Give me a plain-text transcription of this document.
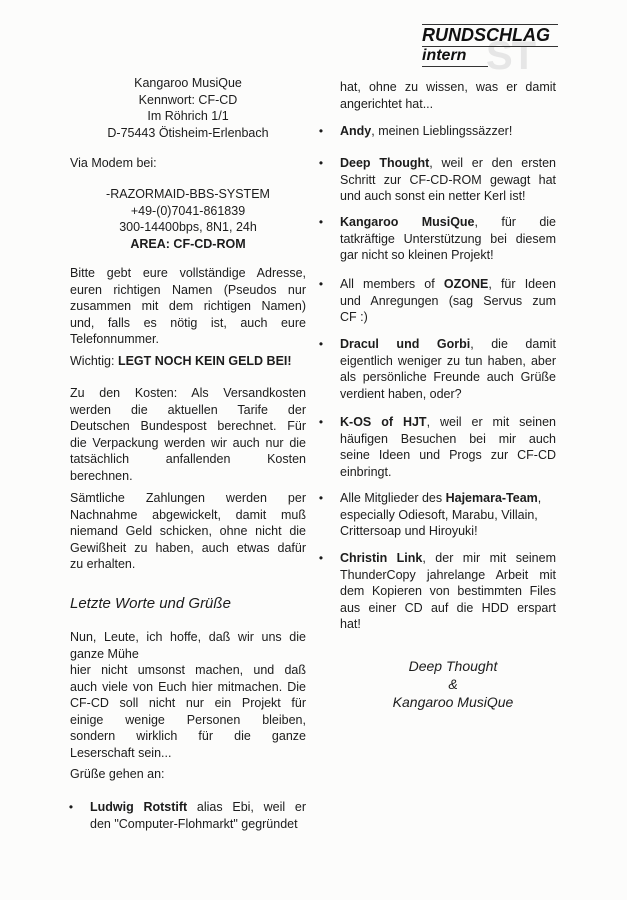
ST
RUNDSCHLAG
intern
Kangaroo MusiQue
Kennwort: CF-CD
Im Röhrich 1/1
D-75443 Ötisheim-Erlenbach
Via Modem bei:
-RAZORMAID-BBS-SYSTEM
+49-(0)7041-861839
300-14400bps, 8N1, 24h
AREA: CF-CD-ROM
Bitte gebt eure vollständige Adresse,
euren richtigen Namen (Pseudos nur
zusammen mit dem richtigen Namen)
und, falls es nötig ist, auch eure
Telefonnummer.
Wichtig: LEGT NOCH KEIN GELD BEI!
Zu den Kosten: Als Versandkosten
werden die aktuellen Tarife der
Deutschen Bundespost berechnet. Für
die Verpackung werden wir auch nur die
tatsächlich anfallenden Kosten
berechnen.
Sämtliche Zahlungen werden per
Nachnahme abgewickelt, damit muß
niemand Geld schicken, ohne nicht die
Gewißheit zu haben, auch etwas dafür
zu erhalten.
Letzte Worte und Grüße
Nun, Leute, ich hoffe, daß wir uns die
ganze Mühe
hier nicht umsonst machen, und daß
auch viele von Euch hier mitmachen. Die
CF-CD soll nicht nur ein Projekt für
einige wenige Personen bleiben,
sondern wirklich für die ganze
Leserschaft sein...
Grüße gehen an:
• Ludwig Rotstift alias Ebi, weil er
den "Computer-Flohmarkt" gegründet
hat, ohne zu wissen, was er damit
angerichtet hat...
• Andy, meinen Lieblingssäzzer!
• Deep Thought, weil er den ersten
Schritt zur CF-CD-ROM gewagt hat
und auch sonst ein netter Kerl ist!
• Kangaroo MusiQue, für die
tatkräftige Unterstützung bei diesem
gar nicht so kleinen Projekt!
• All members of OZONE, für Ideen
und Anregungen (sag Servus zum
CF :)
• Dracul und Gorbi, die damit
eigentlich weniger zu tun haben, aber
als persönliche Freunde auch Grüße
verdient haben, oder?
• K-OS of HJT, weil er mit seinen
häufigen Besuchen bei mir auch
seine Ideen und Progs zur CF-CD
einbringt.
• Alle Mitglieder des Hajemara-Team,
especially Odiesoft, Marabu, Villain,
Crittersoap und Hiroyuki!
• Christin Link, der mir mit seinem
ThunderCopy jahrelange Arbeit mit
dem Kopieren von bestimmten Files
aus einer CD auf die HDD erspart
hat!
Deep Thought
&
Kangaroo MusiQue
